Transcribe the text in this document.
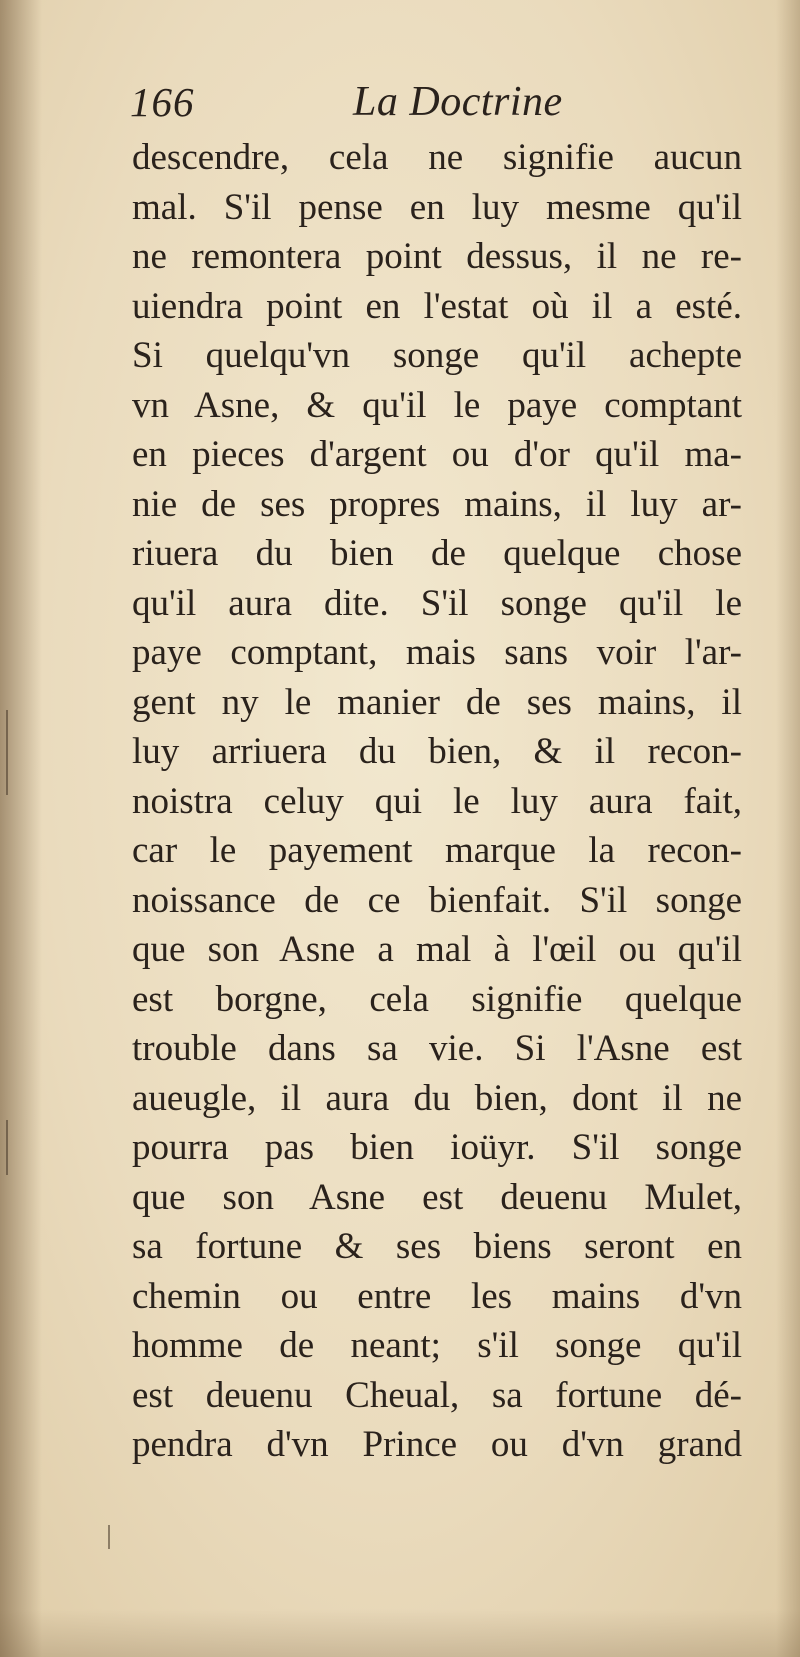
166	La Doctrine
descendre, cela ne signifie aucun
mal. S'il pense en luy mesme qu'il
ne remontera point dessus, il ne re-
uiendra point en l'estat où il a esté.
Si quelqu'vn songe qu'il achepte
vn Asne, & qu'il le paye comptant
en pieces d'argent ou d'or qu'il ma-
nie de ses propres mains, il luy ar-
riuera du bien de quelque chose
qu'il aura dite. S'il songe qu'il le
paye comptant, mais sans voir l'ar-
gent ny le manier de ses mains, il
luy arriuera du bien, & il recon-
noistra celuy qui le luy aura fait,
car le payement marque la recon-
noissance de ce bienfait. S'il songe
que son Asne a mal à l'œil ou qu'il
est borgne, cela signifie quelque
trouble dans sa vie. Si l'Asne est
aueugle, il aura du bien, dont il ne
pourra pas bien ioüyr. S'il songe
que son Asne est deuenu Mulet,
sa fortune & ses biens seront en
chemin ou entre les mains d'vn
homme de neant; s'il songe qu'il
est deuenu Cheual, sa fortune dé-
pendra d'vn Prince ou d'vn grand
